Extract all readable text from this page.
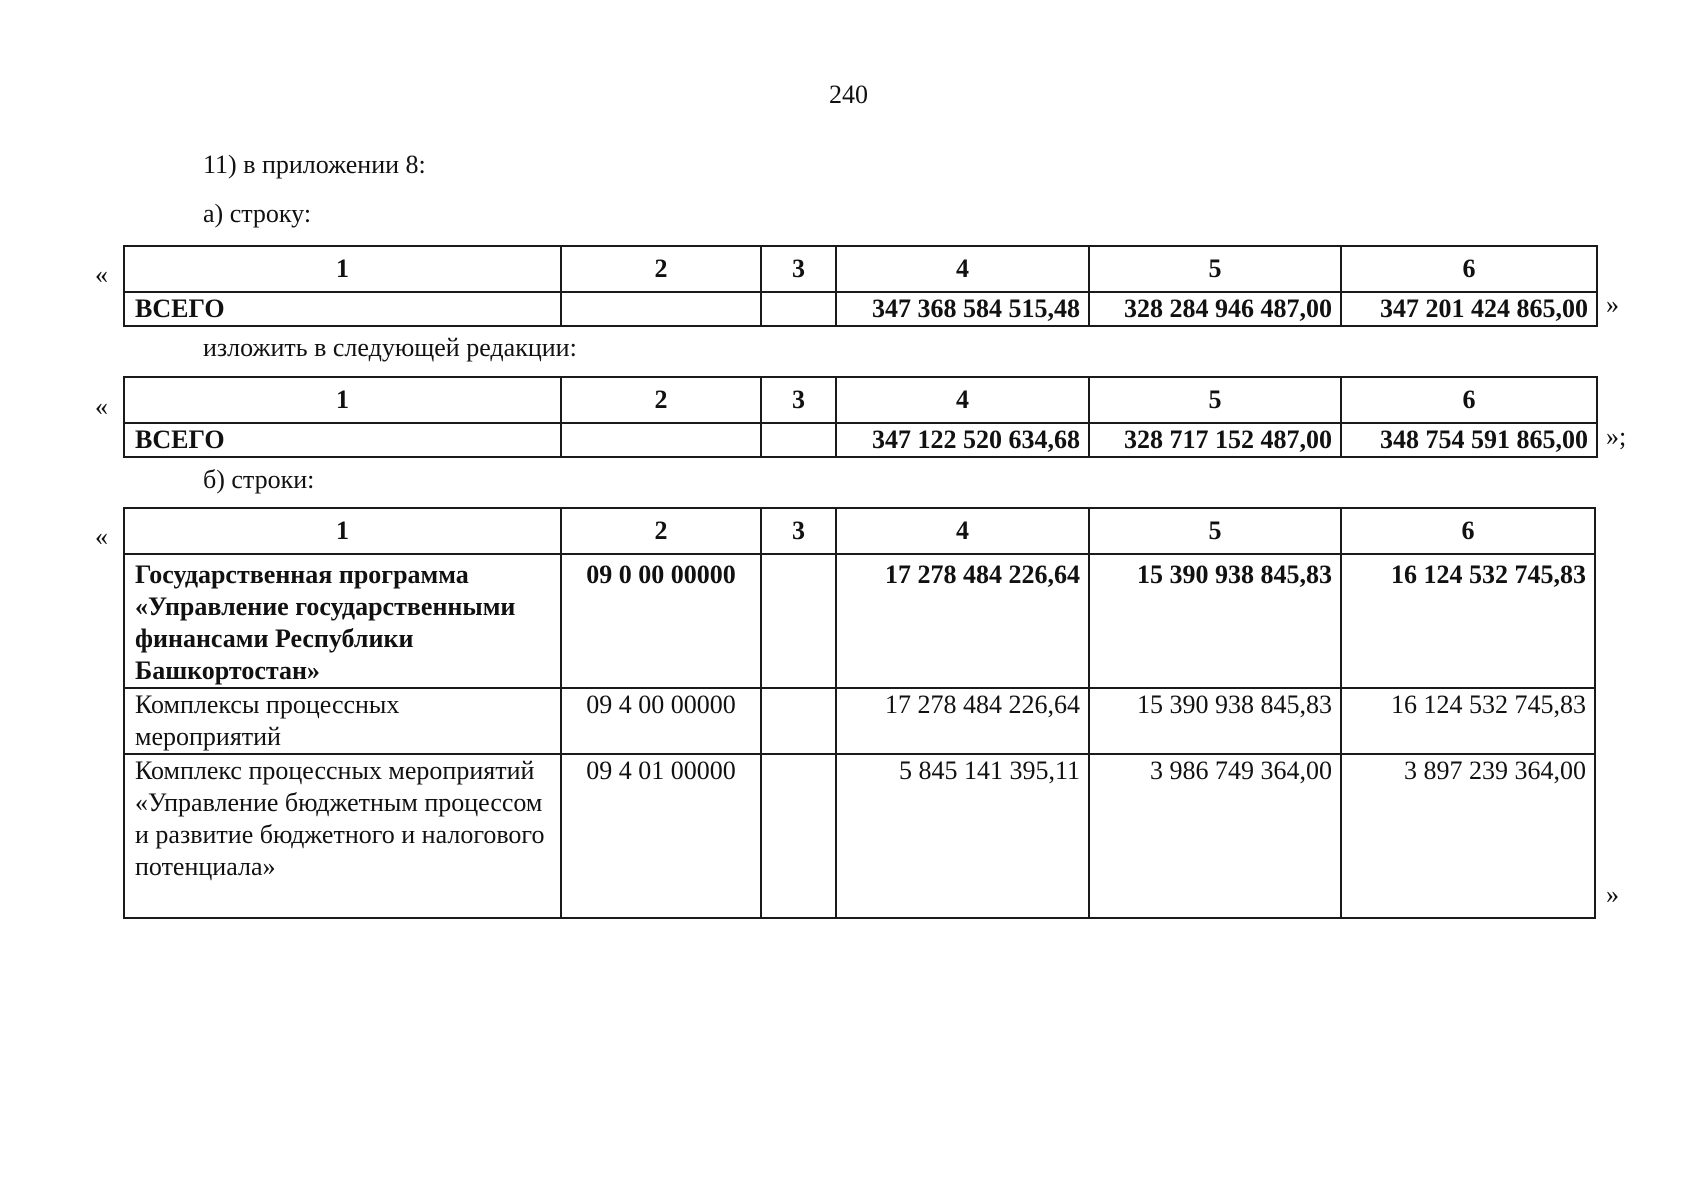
240
11) в приложении 8:
а) строку:
«	1	2	3	4	5	6
ВСЕГО			347 368 584 515,48	328 284 946 487,00	347 201 424 865,00 »
изложить в следующей редакции:
«	1	2	3	4	5	6
ВСЕГО			347 122 520 634,68	328 717 152 487,00	348 754 591 865,00 »;
б) строки:
«	1	2	3	4	5	6
Государственная программа «Управление государственными финансами Республики Башкортостан»	09 0 00 00000		17 278 484 226,64	15 390 938 845,83	16 124 532 745,83
Комплексы процессных мероприятий	09 4 00 00000		17 278 484 226,64	15 390 938 845,83	16 124 532 745,83
Комплекс процессных мероприятий «Управление бюджетным процессом и развитие бюджетного и налогового потенциала»	09 4 01 00000		5 845 141 395,11	3 986 749 364,00	3 897 239 364,00
»
